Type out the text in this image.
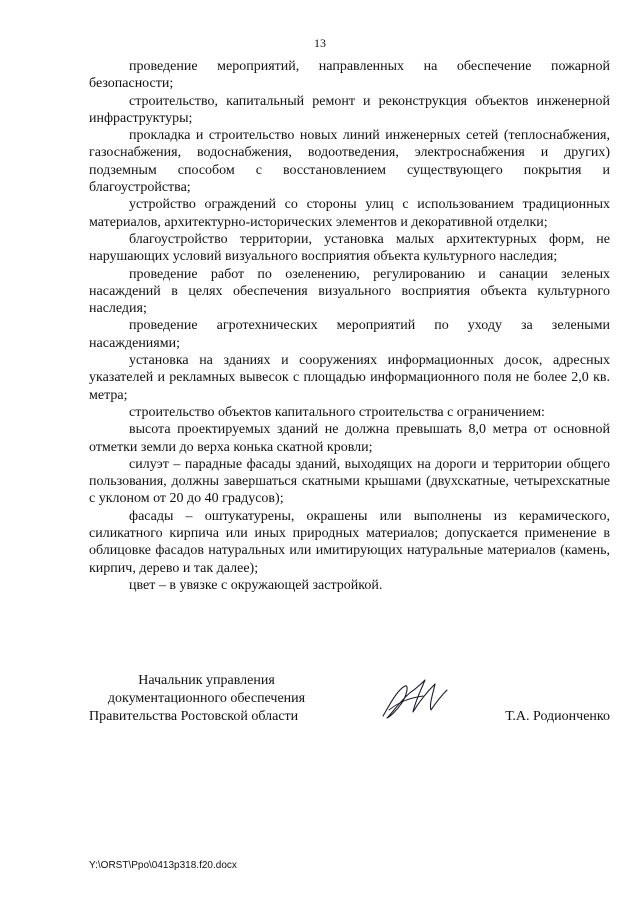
13

проведение мероприятий, направленных на обеспечение пожарной безопасности;

строительство, капитальный ремонт и реконструкция объектов инженерной инфраструктуры;

прокладка и строительство новых линий инженерных сетей (теплоснабжения, газоснабжения, водоснабжения, водоотведения, электроснабжения и других) подземным способом с восстановлением существующего покрытия и благоустройства;

устройство ограждений со стороны улиц с использованием традиционных материалов, архитектурно-исторических элементов и декоративной отделки;

благоустройство территории, установка малых архитектурных форм, не нарушающих условий визуального восприятия объекта культурного наследия;

проведение работ по озеленению, регулированию и санации зеленых насаждений в целях обеспечения визуального восприятия объекта культурного наследия;

проведение агротехнических мероприятий по уходу за зелеными насаждениями;

установка на зданиях и сооружениях информационных досок, адресных указателей и рекламных вывесок с площадью информационного поля не более 2,0 кв. метра;

строительство объектов капитального строительства с ограничением:

высота проектируемых зданий не должна превышать 8,0 метра от основной отметки земли до верха конька скатной кровли;

силуэт – парадные фасады зданий, выходящих на дороги и территории общего пользования, должны завершаться скатными крышами (двухскатные, четырехскатные с уклоном от 20 до 40 градусов);

фасады – оштукатурены, окрашены или выполнены из керамического, силикатного кирпича или иных природных материалов; допускается применение в облицовке фасадов натуральных или имитирующих натуральные материалов (камень, кирпич, дерево и так далее);

цвет – в увязке с окружающей застройкой.

Начальник управления
документационного обеспечения
Правительства Ростовской области	Т.А. Родионченко
Y:\ORST\Ppo\0413p318.f20.docx
